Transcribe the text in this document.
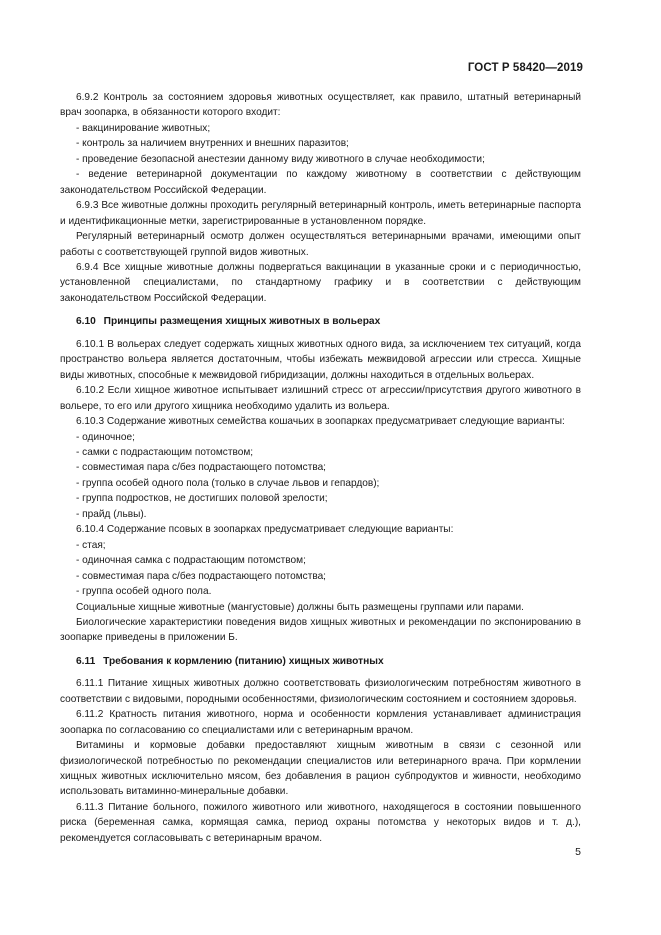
ГОСТ Р 58420—2019

6.9.2 Контроль за состоянием здоровья животных осуществляет, как правило, штатный ветеринарный врач зоопарка, в обязанности которого входит:

- вакцинирование животных;

- контроль за наличием внутренних и внешних паразитов;

- проведение безопасной анестезии данному виду животного в случае необходимости;

- ведение ветеринарной документации по каждому животному в соответствии с действующим законодательством Российской Федерации.

6.9.3 Все животные должны проходить регулярный ветеринарный контроль, иметь ветеринарные паспорта и идентификационные метки, зарегистрированные в установленном порядке.

Регулярный ветеринарный осмотр должен осуществляться ветеринарными врачами, имеющими опыт работы с соответствующей группой видов животных.

6.9.4 Все хищные животные должны подвергаться вакцинации в указанные сроки и с периодичностью, установленной специалистами, по стандартному графику и в соответствии с действующим законодательством Российской Федерации.

6.10 Принципы размещения хищных животных в вольерах

6.10.1 В вольерах следует содержать хищных животных одного вида, за исключением тех ситуаций, когда пространство вольера является достаточным, чтобы избежать межвидовой агрессии или стресса. Хищные виды животных, способные к межвидовой гибридизации, должны находиться в отдельных вольерах.

6.10.2 Если хищное животное испытывает излишний стресс от агрессии/присутствия другого животного в вольере, то его или другого хищника необходимо удалить из вольера.

6.10.3 Содержание животных семейства кошачьих в зоопарках предусматривает следующие варианты:

- одиночное;

- самки с подрастающим потомством;

- совместимая пара с/без подрастающего потомства;

- группа особей одного пола (только в случае львов и гепардов);

- группа подростков, не достигших половой зрелости;

- прайд (львы).

6.10.4 Содержание псовых в зоопарках предусматривает следующие варианты:

- стая;

- одиночная самка с подрастающим потомством;

- совместимая пара с/без подрастающего потомства;

- группа особей одного пола.

Социальные хищные животные (мангустовые) должны быть размещены группами или парами.

Биологические характеристики поведения видов хищных животных и рекомендации по экспонированию в зоопарке приведены в приложении Б.

6.11 Требования к кормлению (питанию) хищных животных

6.11.1 Питание хищных животных должно соответствовать физиологическим потребностям животного в соответствии с видовыми, породными особенностями, физиологическим состоянием и состоянием здоровья.

6.11.2 Кратность питания животного, норма и особенности кормления устанавливает администрация зоопарка по согласованию со специалистами или с ветеринарным врачом.

Витамины и кормовые добавки предоставляют хищным животным в связи с сезонной или физиологической потребностью по рекомендации специалистов или ветеринарного врача. При кормлении хищных животных исключительно мясом, без добавления в рацион субпродуктов и живности, необходимо использовать витаминно-минеральные добавки.

6.11.3 Питание больного, пожилого животного или животного, находящегося в состоянии повышенного риска (беременная самка, кормящая самка, период охраны потомства у некоторых видов и т. д.), рекомендуется согласовывать с ветеринарным врачом.

5
